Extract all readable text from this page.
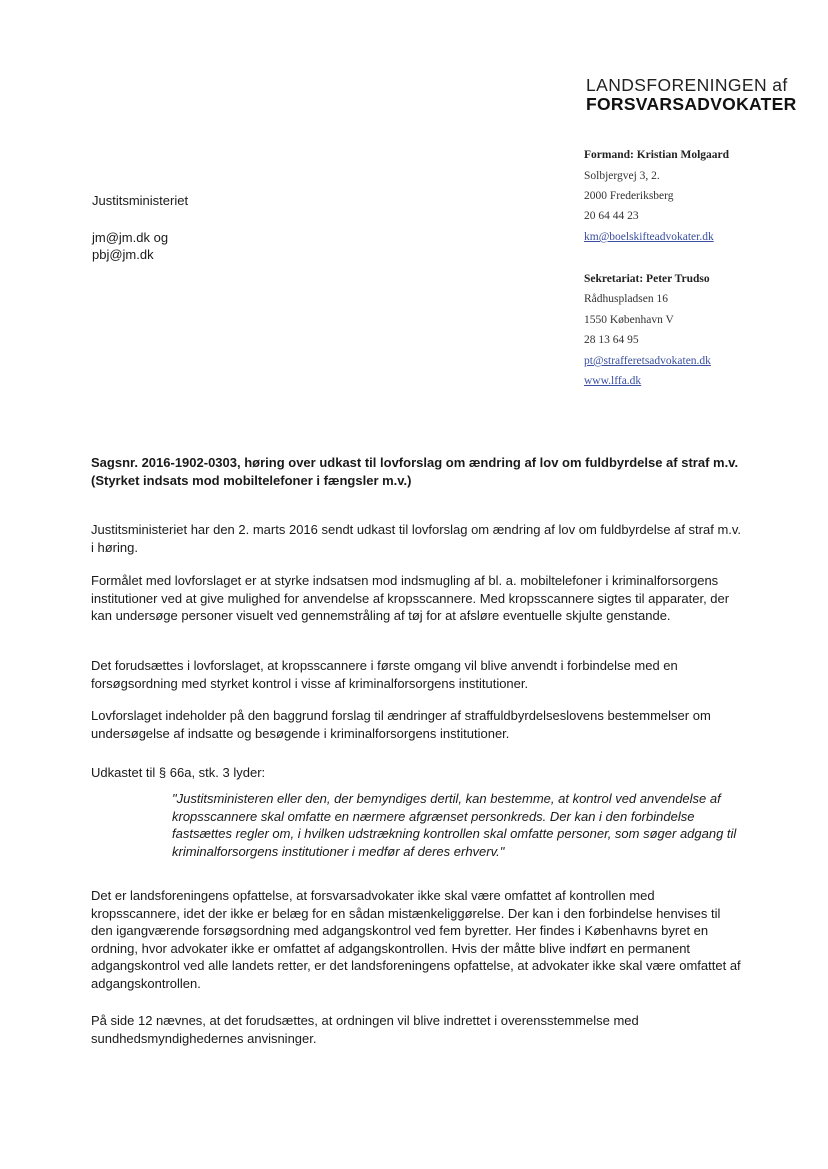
LANDSFORENINGEN af
FORSVARSADVOKATER
Formand: Kristian Molgaard
Solbjergvej 3, 2.
2000 Frederiksberg
20 64 44 23
km@boelskifteadvokater.dk
Sekretariat: Peter Trudso
Rådhuspladsen 16
1550 København V
28 13 64 95
pt@strafferetsadvokaten.dk
www.lffa.dk
Justitsministeriet
jm@jm.dk og
pbj@jm.dk
Sagsnr. 2016-1902-0303, høring over udkast til lovforslag om ændring af lov om fuldbyrdelse af straf m.v. (Styrket indsats mod mobiltelefoner i fængsler m.v.)
Justitsministeriet har den 2. marts 2016 sendt udkast til lovforslag om ændring af lov om fuldbyrdelse af straf m.v. i høring.
Formålet med lovforslaget er at styrke indsatsen mod indsmugling af bl. a. mobiltelefoner i kriminalforsorgens institutioner ved at give mulighed for anvendelse af kropsscannere. Med kropsscannere sigtes til apparater, der kan undersøge personer visuelt ved gennemstråling af tøj for at afsløre eventuelle skjulte genstande.
Det forudsættes i lovforslaget, at kropsscannere i første omgang vil blive anvendt i forbindelse med en forsøgsordning med styrket kontrol i visse af kriminalforsorgens institutioner.
Lovforslaget indeholder på den baggrund forslag til ændringer af straffuldbyrdelseslovens bestemmelser om undersøgelse af indsatte og besøgende i kriminalforsorgens institutioner.
Udkastet til § 66a, stk. 3 lyder:
"Justitsministeren eller den, der bemyndiges dertil, kan bestemme, at kontrol ved anvendelse af kropsscannere skal omfatte en nærmere afgrænset personkreds. Der kan i den forbindelse fastsættes regler om, i hvilken udstrækning kontrollen skal omfatte personer, som søger adgang til kriminalforsorgens institutioner i medfør af deres erhverv."
Det er landsforeningens opfattelse, at forsvarsadvokater ikke skal være omfattet af kontrollen med kropsscannere, idet der ikke er belæg for en sådan mistænkeliggørelse. Der kan i den forbindelse henvises til den igangværende forsøgsordning med adgangskontrol ved fem byretter. Her findes i Københavns byret en ordning, hvor advokater ikke er omfattet af adgangskontrollen. Hvis der måtte blive indført en permanent adgangskontrol ved alle landets retter, er det landsforeningens opfattelse, at advokater ikke skal være omfattet af adgangskontrollen.
På side 12 nævnes, at det forudsættes, at ordningen vil blive indrettet i overensstemmelse med sundhedsmyndighedernes anvisninger.
